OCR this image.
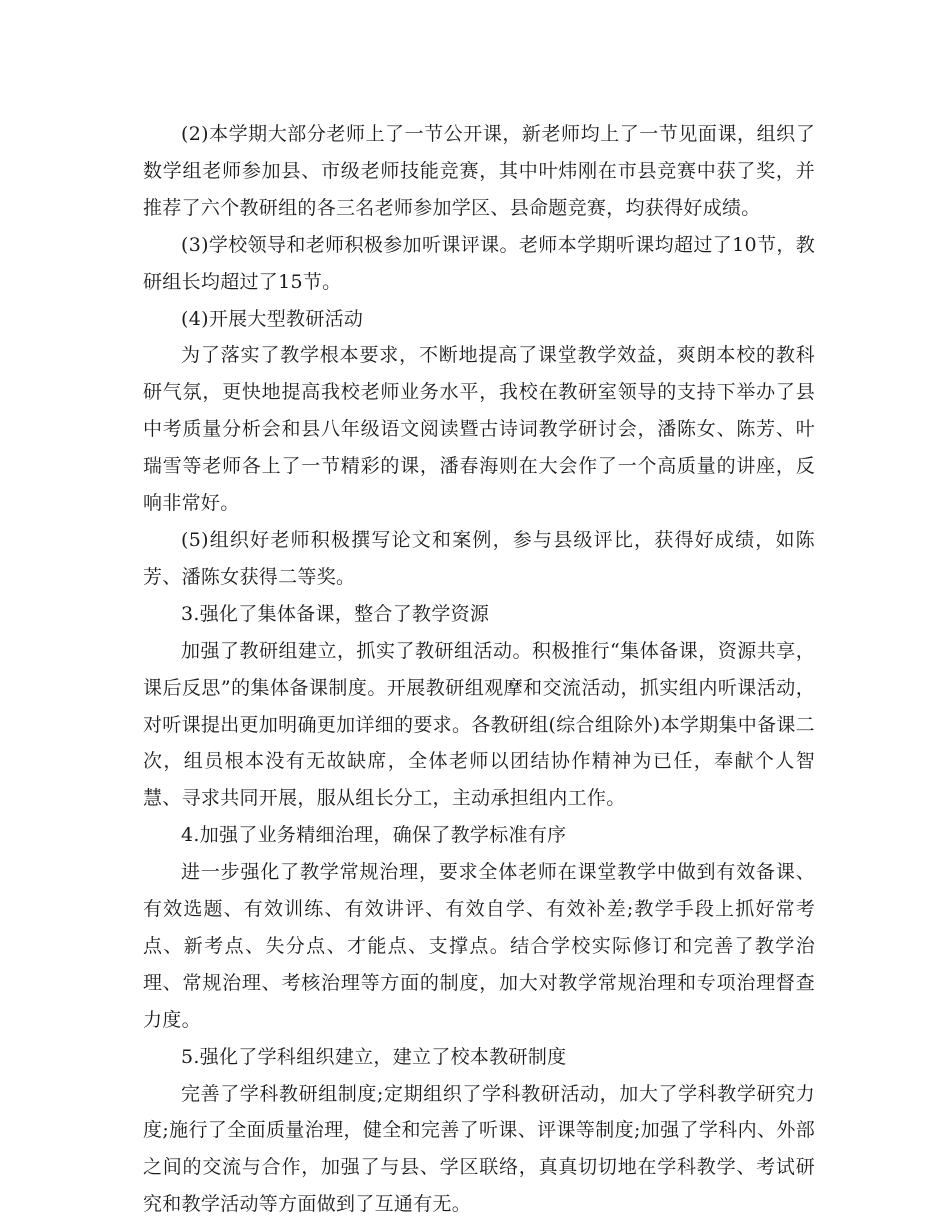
(2)本学期大部分老师上了一节公开课，新老师均上了一节见面课，组织了数学组老师参加县、市级老师技能竞赛，其中叶炜刚在市县竞赛中获了奖，并推荐了六个教研组的各三名老师参加学区、县命题竞赛，均获得好成绩。

(3)学校领导和老师积极参加听课评课。老师本学期听课均超过了10节，教研组长均超过了15节。

(4)开展大型教研活动

为了落实了教学根本要求，不断地提高了课堂教学效益，爽朗本校的教科研气氛，更快地提高我校老师业务水平，我校在教研室领导的支持下举办了县中考质量分析会和县八年级语文阅读暨古诗词教学研讨会，潘陈女、陈芳、叶瑞雪等老师各上了一节精彩的课，潘春海则在大会作了一个高质量的讲座，反响非常好。

(5)组织好老师积极撰写论文和案例，参与县级评比，获得好成绩，如陈芳、潘陈女获得二等奖。

3.强化了集体备课，整合了教学资源

加强了教研组建立，抓实了教研组活动。积极推行“集体备课，资源共享，课后反思”的集体备课制度。开展教研组观摩和交流活动，抓实组内听课活动，对听课提出更加明确更加详细的要求。各教研组(综合组除外)本学期集中备课二次，组员根本没有无故缺席，全体老师以团结协作精神为已任，奉献个人智慧、寻求共同开展，服从组长分工，主动承担组内工作。

4.加强了业务精细治理，确保了教学标准有序

进一步强化了教学常规治理，要求全体老师在课堂教学中做到有效备课、有效选题、有效训练、有效讲评、有效自学、有效补差;教学手段上抓好常考点、新考点、失分点、才能点、支撑点。结合学校实际修订和完善了教学治理、常规治理、考核治理等方面的制度，加大对教学常规治理和专项治理督查力度。

5.强化了学科组织建立，建立了校本教研制度

完善了学科教研组制度;定期组织了学科教研活动，加大了学科教学研究力度;施行了全面质量治理，健全和完善了听课、评课等制度;加强了学科内、外部之间的交流与合作，加强了与县、学区联络，真真切切地在学科教学、考试研究和教学活动等方面做到了互通有无。
